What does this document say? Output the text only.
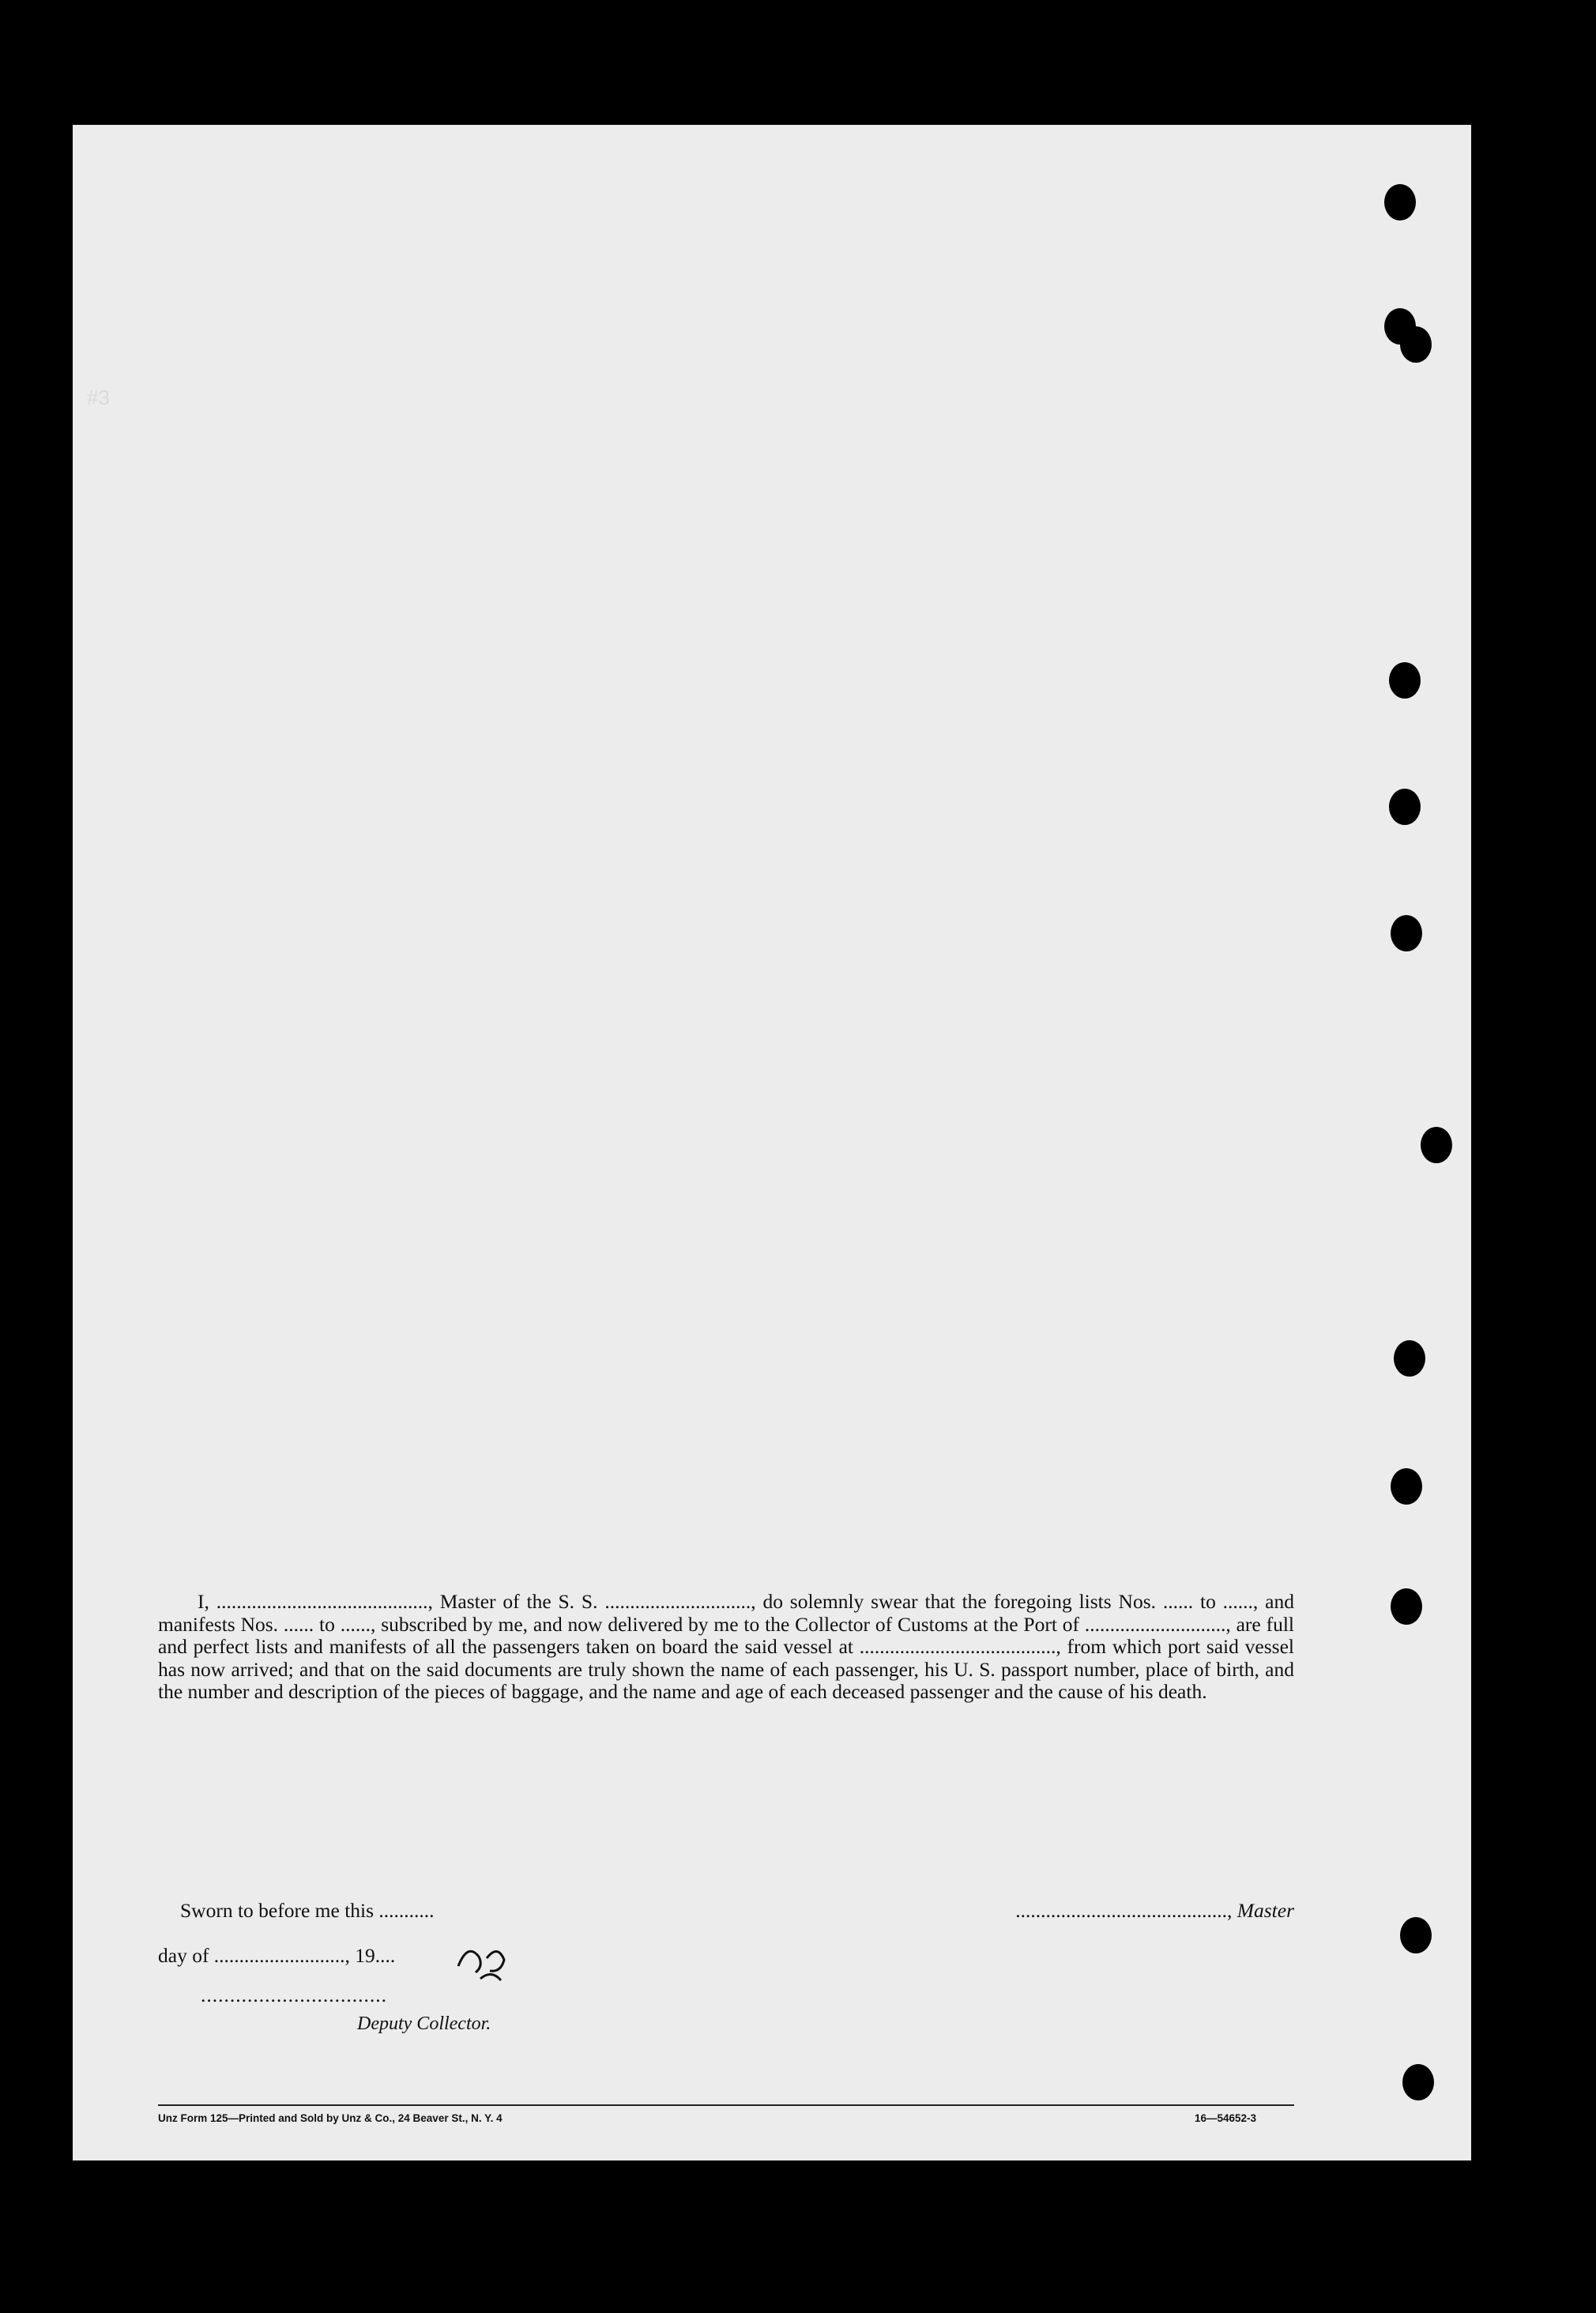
#3

I, .........................................., Master of the S. S. ............................., do solemnly swear that the foregoing lists Nos. ...... to ......, and manifests Nos. ...... to ......, subscribed by me, and now delivered by me to the Collector of Customs at the Port of ............................, are full and perfect lists and manifests of all the passengers taken on board the said vessel at ......................................., from which port said vessel has now arrived; and that on the said documents are truly shown the name of each passenger, his U. S. passport number, place of birth, and the number and description of the pieces of baggage, and the name and age of each deceased passenger and the cause of his death.

Sworn to before me this ...........	.........................................., Master
day of .........................., 19....
................................
Deputy Collector.
Unz Form 125—Printed and Sold by Unz & Co., 24 Beaver St., N. Y. 4	16—54652-3
